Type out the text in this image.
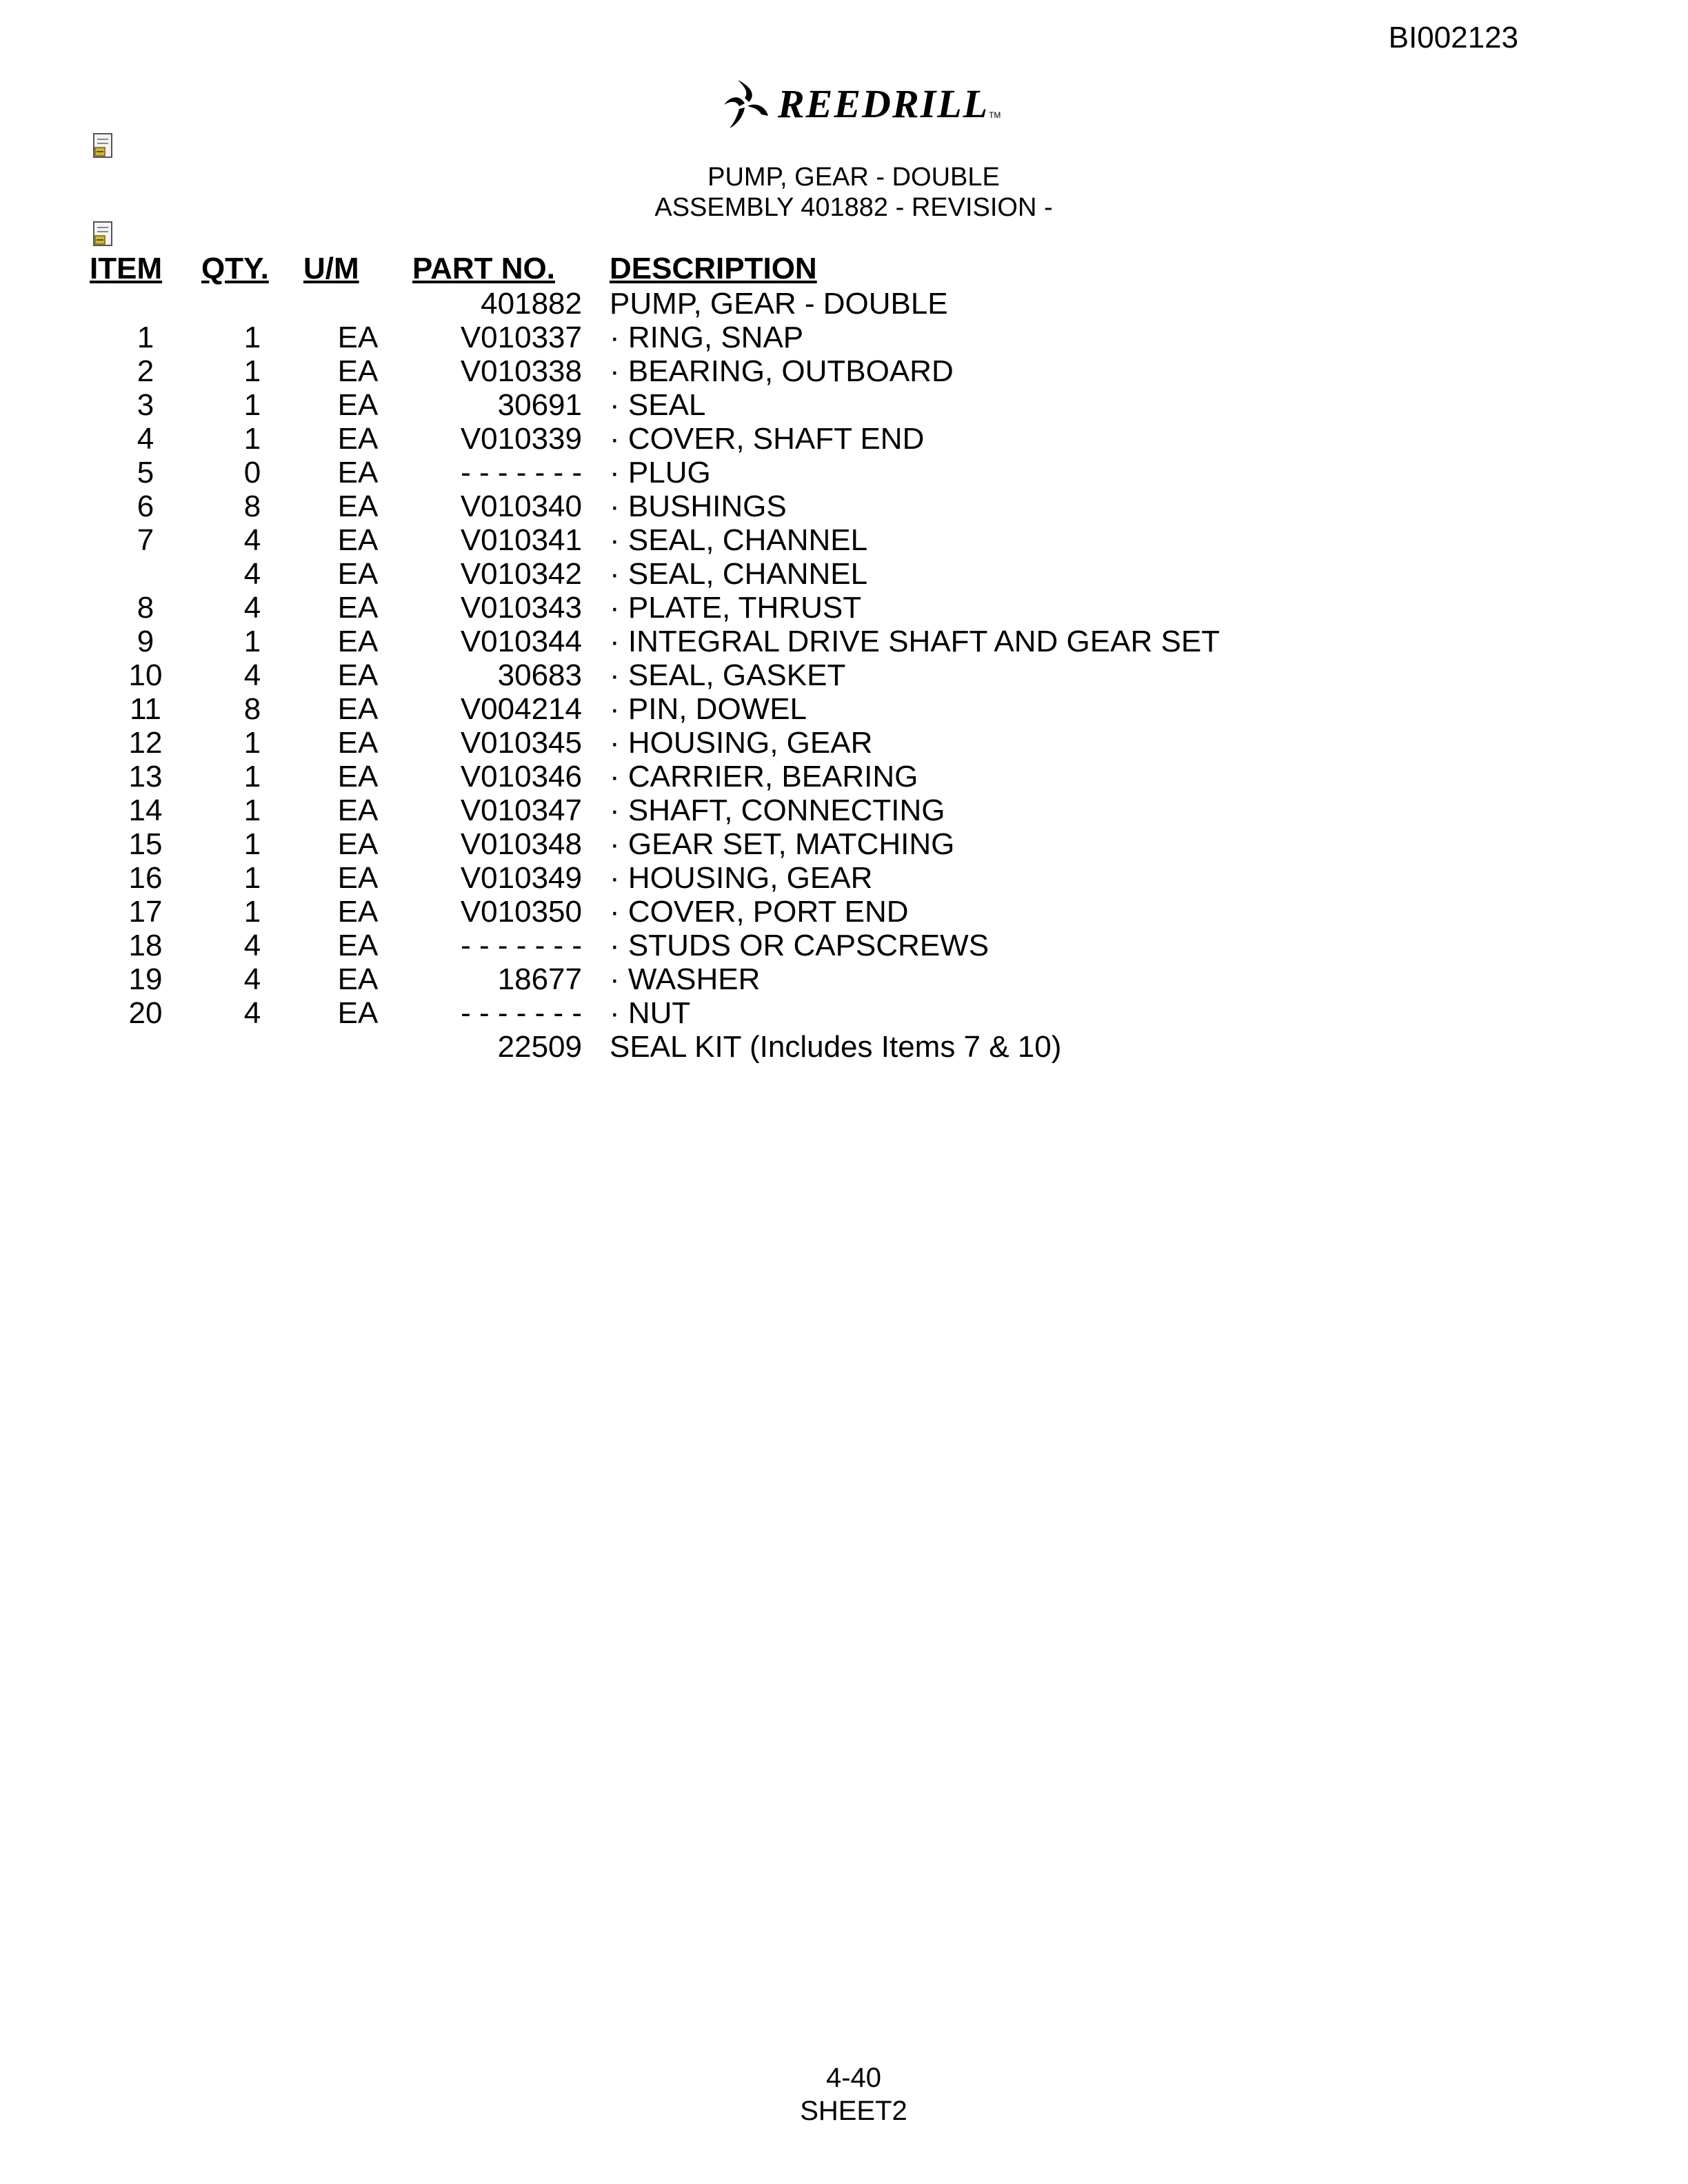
BI002123
REEDRILL TM
PUMP, GEAR - DOUBLE
ASSEMBLY 401882 - REVISION -
ITEM	QTY.	U/M	PART NO.	DESCRIPTION
			401882	PUMP, GEAR - DOUBLE
1	1	EA	V010337	· RING, SNAP
2	1	EA	V010338	· BEARING, OUTBOARD
3	1	EA	30691	· SEAL
4	1	EA	V010339	· COVER, SHAFT END
5	0	EA	- - - - - - -	· PLUG
6	8	EA	V010340	· BUSHINGS
7	4	EA	V010341	· SEAL, CHANNEL
	4	EA	V010342	· SEAL, CHANNEL
8	4	EA	V010343	· PLATE, THRUST
9	1	EA	V010344	· INTEGRAL DRIVE SHAFT AND GEAR SET
10	4	EA	30683	· SEAL, GASKET
11	8	EA	V004214	· PIN, DOWEL
12	1	EA	V010345	· HOUSING, GEAR
13	1	EA	V010346	· CARRIER, BEARING
14	1	EA	V010347	· SHAFT, CONNECTING
15	1	EA	V010348	· GEAR SET, MATCHING
16	1	EA	V010349	· HOUSING, GEAR
17	1	EA	V010350	· COVER, PORT END
18	4	EA	- - - - - - -	· STUDS OR CAPSCREWS
19	4	EA	18677	· WASHER
20	4	EA	- - - - - - -	· NUT
			22509	SEAL KIT (Includes Items 7 & 10)
4-40
SHEET2
